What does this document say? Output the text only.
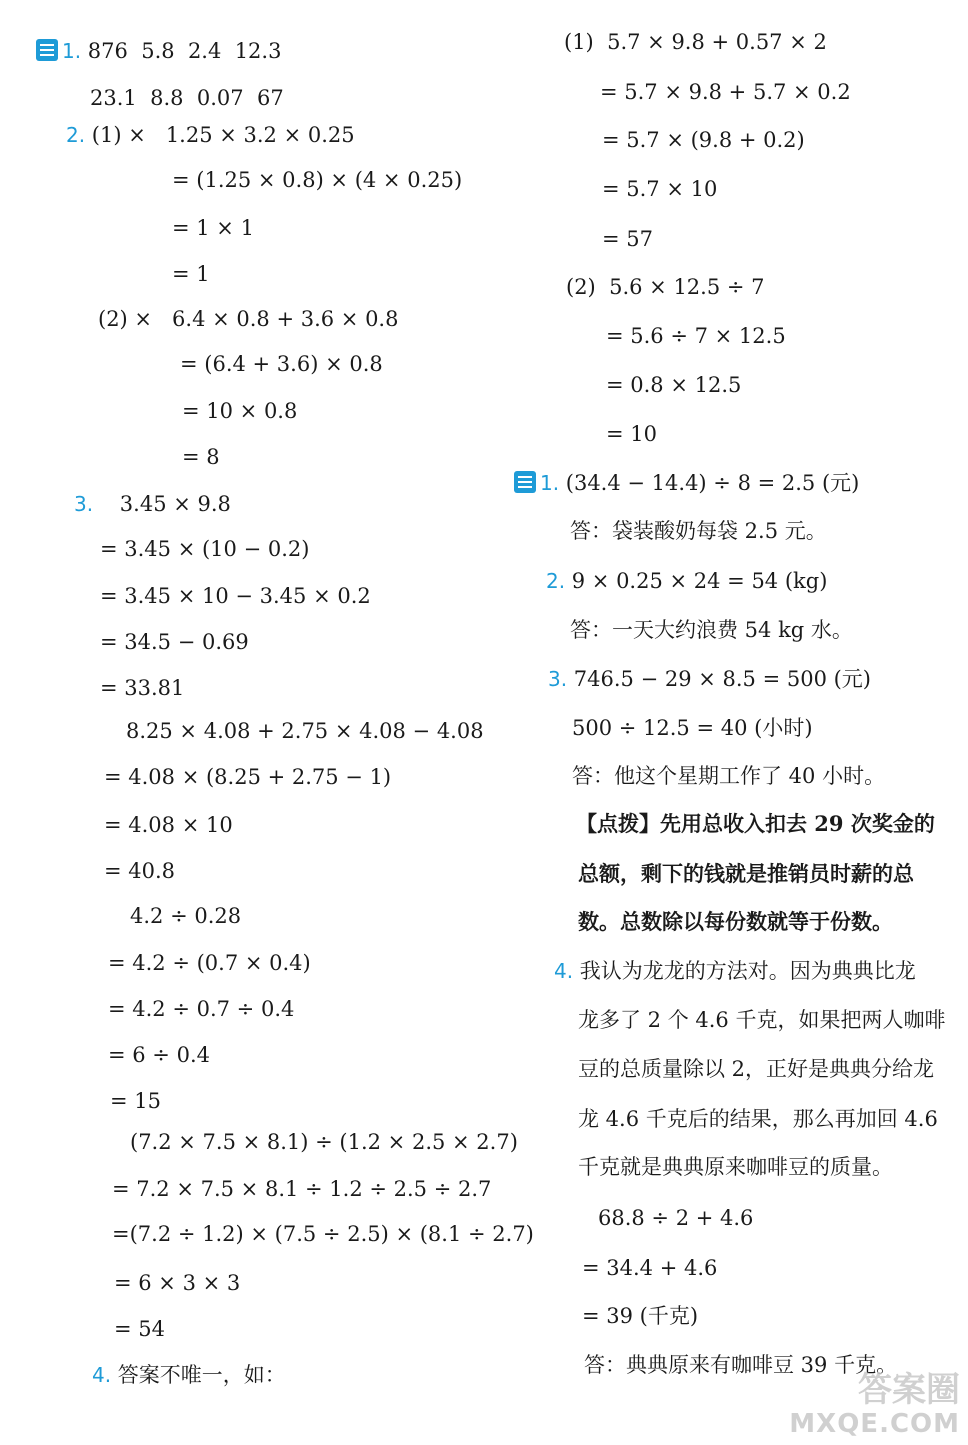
1. 876  5.8  2.4  12.3
23.1  8.8  0.07  67
2. (1) ×   1.25 × 3.2 × 0.25
= (1.25 × 0.8) × (4 × 0.25)
= 1 × 1
= 1
(2) ×   6.4 × 0.8 + 3.6 × 0.8
= (6.4 + 3.6) × 0.8
= 10 × 0.8
= 8
3.    3.45 × 9.8
= 3.45 × (10 − 0.2)
= 3.45 × 10 − 3.45 × 0.2
= 34.5 − 0.69
= 33.81
8.25 × 4.08 + 2.75 × 4.08 − 4.08
= 4.08 × (8.25 + 2.75 − 1)
= 4.08 × 10
= 40.8
4.2 ÷ 0.28
= 4.2 ÷ (0.7 × 0.4)
= 4.2 ÷ 0.7 ÷ 0.4
= 6 ÷ 0.4
= 15
(7.2 × 7.5 × 8.1) ÷ (1.2 × 2.5 × 2.7)
= 7.2 × 7.5 × 8.1 ÷ 1.2 ÷ 2.5 ÷ 2.7
=(7.2 ÷ 1.2) × (7.5 ÷ 2.5) × (8.1 ÷ 2.7)
= 6 × 3 × 3
= 54
4. 答案不唯一，如：
(1)  5.7 × 9.8 + 0.57 × 2
= 5.7 × 9.8 + 5.7 × 0.2
= 5.7 × (9.8 + 0.2)
= 5.7 × 10
= 57
(2)  5.6 × 12.5 ÷ 7
= 5.6 ÷ 7 × 12.5
= 0.8 × 12.5
= 10
1. (34.4 − 14.4) ÷ 8 = 2.5 (元)
答：袋装酸奶每袋 2.5 元。
2. 9 × 0.25 × 24 = 54 (kg)
答：一天大约浪费 54 kg 水。
3. 746.5 − 29 × 8.5 = 500 (元)
500 ÷ 12.5 = 40 (小时)
答：他这个星期工作了 40 小时。
【点拨】先用总收入扣去 29 次奖金的
总额，剩下的钱就是推销员时薪的总
数。总数除以每份数就等于份数。
4. 我认为龙龙的方法对。因为典典比龙
龙多了 2 个 4.6 千克，如果把两人咖啡
豆的总质量除以 2，正好是典典分给龙
龙 4.6 千克后的结果，那么再加回 4.6
千克就是典典原来咖啡豆的质量。
68.8 ÷ 2 + 4.6
= 34.4 + 4.6
= 39 (千克)
答：典典原来有咖啡豆 39 千克。
答案圈
MXQE.COM
